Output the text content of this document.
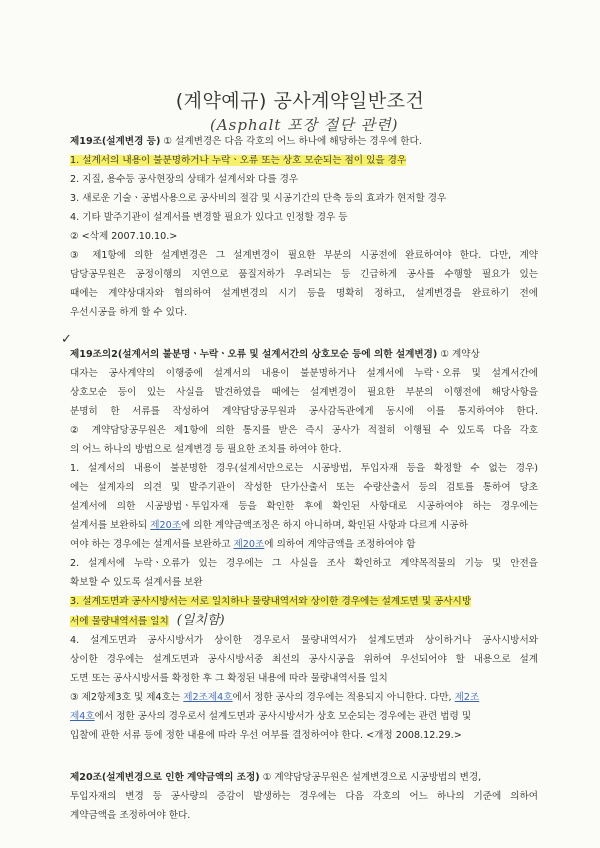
(계약예규) 공사계약일반조건
(Asphalt 포장 절단 관련)
✓
제19조(설계변경 등) ① 설계변경은 다음 각호의 어느 하나에 해당하는 경우에 한다.
1. 설계서의 내용이 불분명하거나 누락ㆍ오류 또는 상호 모순되는 점이 있을 경우
2. 지질, 용수등 공사현장의 상태가 설계서와 다를 경우
3. 새로운 기술ㆍ공법사용으로 공사비의 절감 및 시공기간의 단축 등의 효과가 현저할 경우
4. 기타 발주기관이 설계서를 변경할 필요가 있다고 인정할 경우 등
② <삭제 2007.10.10.>
③ 제1항에 의한 설계변경은 그 설계변경이 필요한 부분의 시공전에 완료하여야 한다. 다만, 계약
담당공무원은 공정이행의 지연으로 품질저하가 우려되는 등 긴급하게 공사를 수행할 필요가 있는
때에는 계약상대자와 협의하여 설계변경의 시기 등을 명확히 정하고, 설계변경을 완료하기 전에
우선시공을 하게 할 수 있다.
제19조의2(설계서의 불분명ㆍ누락ㆍ오류 및 설계서간의 상호모순 등에 의한 설계변경) ① 계약상
대자는 공사계약의 이행중에 설계서의 내용이 불분명하거나 설계서에 누락ㆍ오류 및 설계서간에
상호모순 등이 있는 사실을 발견하였을 때에는 설계변경이 필요한 부분의 이행전에 해당사항을
분명히 한 서류를 작성하여 계약담당공무원과 공사감독관에게 동시에 이를 통지하여야 한다.
② 계약담당공무원은 제1항에 의한 통지를 받은 즉시 공사가 적절히 이행될 수 있도록 다음 각호
의 어느 하나의 방법으로 설계변경 등 필요한 조치를 하여야 한다.
1. 설계서의 내용이 불분명한 경우(설계서만으로는 시공방법, 투입자재 등을 확정할 수 없는 경우)
에는 설계자의 의견 및 발주기관이 작성한 단가산출서 또는 수량산출서 등의 검토를 통하여 당초
설계서에 의한 시공방법ㆍ투입자재 등을 확인한 후에 확인된 사항대로 시공하여야 하는 경우에는
설계서를 보완하되 제20조에 의한 계약금액조정은 하지 아니하며, 확인된 사항과 다르게 시공하
여야 하는 경우에는 설계서를 보완하고 제20조에 의하여 계약금액을 조정하여야 함
2. 설계서에 누락ㆍ오류가 있는 경우에는 그 사실을 조사 확인하고 계약목적물의 기능 및 안전을
확보할 수 있도록 설계서를 보완
3. 설계도면과 공사시방서는 서로 일치하나 물량내역서와 상이한 경우에는 설계도면 및 공사시방
서에 물량내역서를 일치 (일치함)
4. 설계도면과 공사시방서가 상이한 경우로서 물량내역서가 설계도면과 상이하거나 공사시방서와
상이한 경우에는 설계도면과 공사시방서중 최선의 공사시공을 위하여 우선되어야 할 내용으로 설계
도면 또는 공사시방서를 확정한 후 그 확정된 내용에 따라 물량내역서를 일치
③ 제2항제3호 및 제4호는 제2조제4호에서 정한 공사의 경우에는 적용되지 아니한다. 다만, 제2조
제4호에서 정한 공사의 경우로서 설계도면과 공사시방서가 상호 모순되는 경우에는 관련 법령 및
입찰에 관한 서류 등에 정한 내용에 따라 우선 여부를 결정하여야 한다. <개정 2008.12.29.>
제20조(설계변경으로 인한 계약금액의 조정) ① 계약담당공무원은 설계변경으로 시공방법의 변경,
투입자재의 변경 등 공사량의 증감이 발생하는 경우에는 다음 각호의 어느 하나의 기준에 의하여
계약금액을 조정하여야 한다.
